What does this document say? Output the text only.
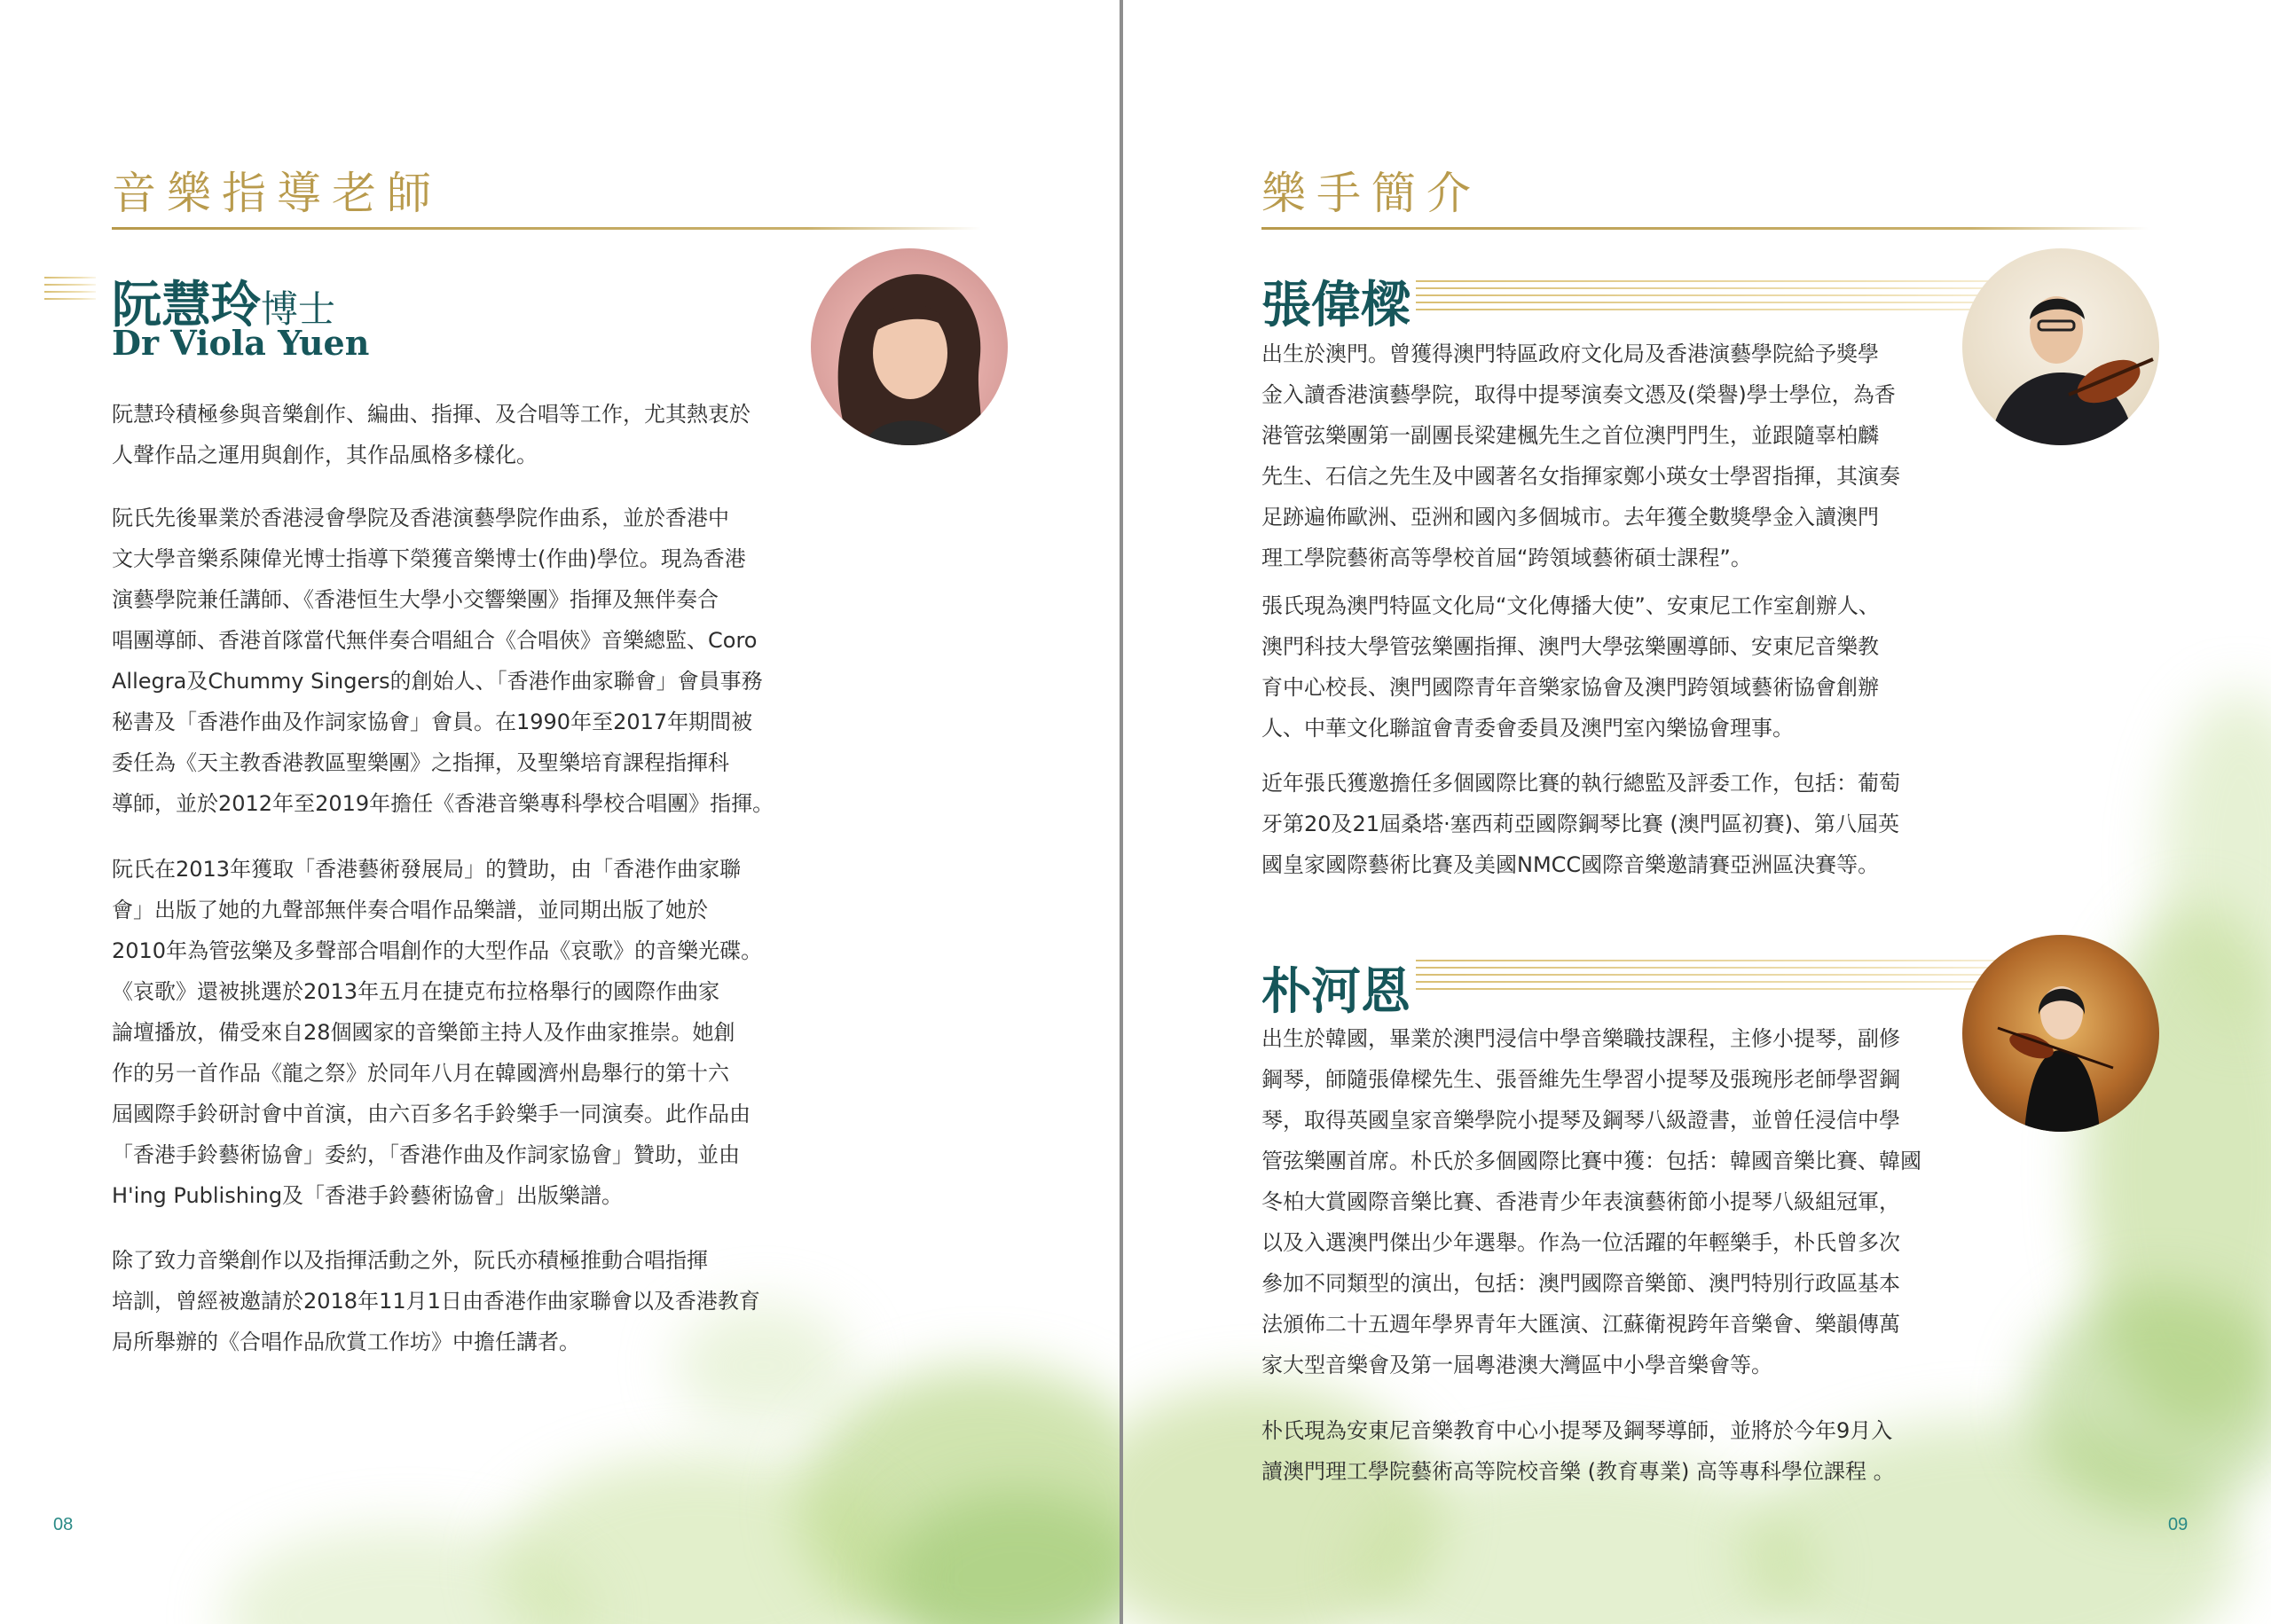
音樂指導老師
阮慧玲博士
Dr Viola Yuen

阮慧玲積極參與音樂創作、編曲、指揮、及合唱等工作，尤其熱衷於
人聲作品之運用與創作，其作品風格多樣化。

阮氏先後畢業於香港浸會學院及香港演藝學院作曲系，並於香港中
文大學音樂系陳偉光博士指導下榮獲音樂博士(作曲)學位。現為香港
演藝學院兼任講師、《香港恒生大學小交響樂團》指揮及無伴奏合
唱團導師、香港首隊當代無伴奏合唱組合《合唱俠》音樂總監、Coro
Allegra及Chummy Singers的創始人、「香港作曲家聯會」會員事務
秘書及「香港作曲及作詞家協會」會員。在1990年至2017年期間被
委任為《天主教香港教區聖樂團》之指揮，及聖樂培育課程指揮科
導師，並於2012年至2019年擔任《香港音樂專科學校合唱團》指揮。

阮氏在2013年獲取「香港藝術發展局」的贊助，由「香港作曲家聯
會」出版了她的九聲部無伴奏合唱作品樂譜，並同期出版了她於
2010年為管弦樂及多聲部合唱創作的大型作品《哀歌》的音樂光碟。
《哀歌》還被挑選於2013年五月在捷克布拉格舉行的國際作曲家
論壇播放，備受來自28個國家的音樂節主持人及作曲家推崇。她創
作的另一首作品《龍之祭》於同年八月在韓國濟州島舉行的第十六
屆國際手鈴研討會中首演，由六百多名手鈴樂手一同演奏。此作品由
「香港手鈴藝術協會」委約，「香港作曲及作詞家協會」贊助，並由
H'ing Publishing及「香港手鈴藝術協會」出版樂譜。

除了致力音樂創作以及指揮活動之外，阮氏亦積極推動合唱指揮
培訓，曾經被邀請於2018年11月1日由香港作曲家聯會以及香港教育
局所舉辦的《合唱作品欣賞工作坊》中擔任講者。

08
樂手簡介
張偉樑

出生於澳門。曾獲得澳門特區政府文化局及香港演藝學院給予獎學
金入讀香港演藝學院，取得中提琴演奏文憑及(榮譽)學士學位，為香
港管弦樂團第一副團長梁建楓先生之首位澳門門生，並跟隨辜柏麟
先生、石信之先生及中國著名女指揮家鄭小瑛女士學習指揮，其演奏
足跡遍佈歐洲、亞洲和國內多個城市。去年獲全數獎學金入讀澳門
理工學院藝術高等學校首屆“跨領域藝術碩士課程”。

張氏現為澳門特區文化局“文化傳播大使”、安東尼工作室創辦人、
澳門科技大學管弦樂團指揮、澳門大學弦樂團導師、安東尼音樂教
育中心校長、澳門國際青年音樂家協會及澳門跨領域藝術協會創辦
人、中華文化聯誼會青委會委員及澳門室內樂協會理事。

近年張氏獲邀擔任多個國際比賽的執行總監及評委工作，包括：葡萄
牙第20及21屆桑塔·塞西莉亞國際鋼琴比賽 (澳門區初賽)、第八屆英
國皇家國際藝術比賽及美國NMCC國際音樂邀請賽亞洲區決賽等。

朴河恩

出生於韓國，畢業於澳門浸信中學音樂職技課程，主修小提琴，副修
鋼琴，師隨張偉樑先生、張晉維先生學習小提琴及張琬彤老師學習鋼
琴，取得英國皇家音樂學院小提琴及鋼琴八級證書，並曾任浸信中學
管弦樂團首席。朴氏於多個國際比賽中獲：包括：韓國音樂比賽、韓國
冬柏大賞國際音樂比賽、香港青少年表演藝術節小提琴八級組冠軍，
以及入選澳門傑出少年選舉。作為一位活躍的年輕樂手，朴氏曾多次
參加不同類型的演出，包括：澳門國際音樂節、澳門特別行政區基本
法頒佈二十五週年學界青年大匯演、江蘇衛視跨年音樂會、樂韻傳萬
家大型音樂會及第一屆粵港澳大灣區中小學音樂會等。

朴氏現為安東尼音樂教育中心小提琴及鋼琴導師，並將於今年9月入
讀澳門理工學院藝術高等院校音樂 (教育專業) 高等專科學位課程 。

09
